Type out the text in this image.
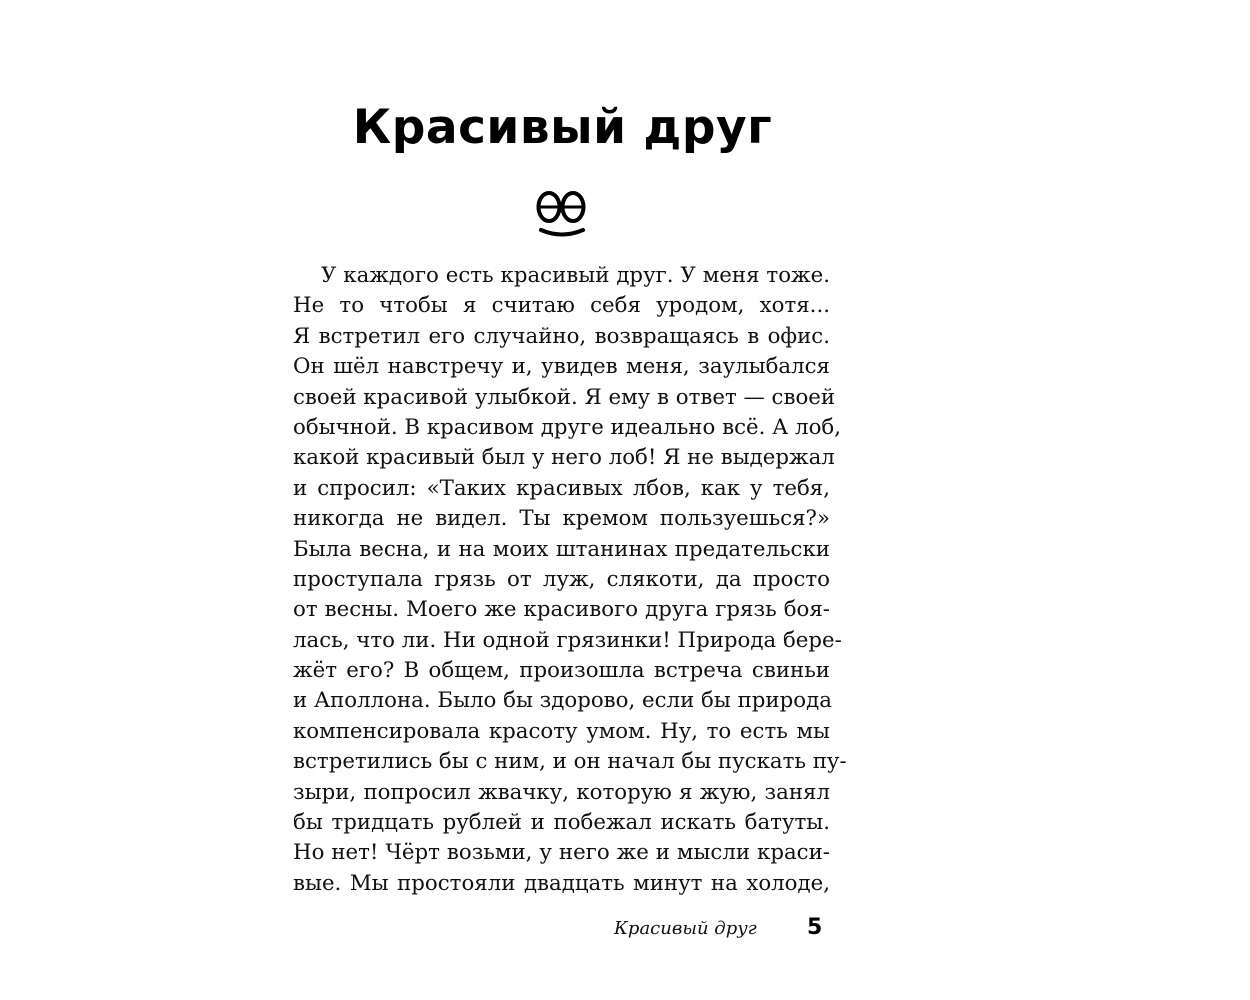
Красивый друг
У каждого есть красивый друг. У меня тоже.
Не то чтобы я считаю себя уродом, хотя...
Я встретил его случайно, возвращаясь в офис.
Он шёл навстречу и, увидев меня, заулыбался
своей красивой улыбкой. Я ему в ответ — своей
обычной. В красивом друге идеально всё. А лоб,
какой красивый был у него лоб! Я не выдержал
и спросил: «Таких красивых лбов, как у тебя,
никогда не видел. Ты кремом пользуешься?»
Была весна, и на моих штанинах предательски
проступала грязь от луж, слякоти, да просто
от весны. Моего же красивого друга грязь боя-
лась, что ли. Ни одной грязинки! Природа бере-
жёт его? В общем, произошла встреча свиньи
и Аполлона. Было бы здорово, если бы природа
компенсировала красоту умом. Ну, то есть мы
встретились бы с ним, и он начал бы пускать пу-
зыри, попросил жвачку, которую я жую, занял
бы тридцать рублей и побежал искать батуты.
Но нет! Чёрт возьми, у него же и мысли краси-
вые. Мы простояли двадцать минут на холоде,
Красивый друг 5
